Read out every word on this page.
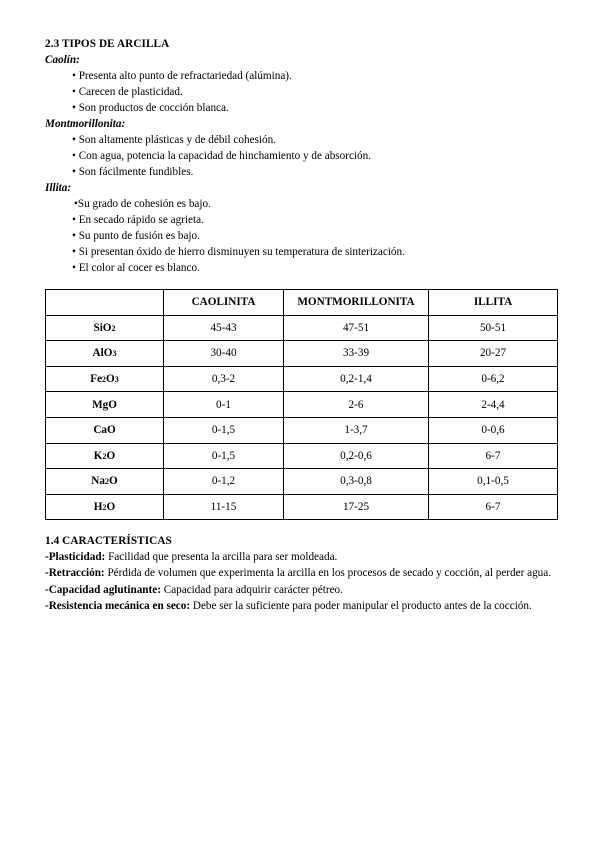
2.3 TIPOS DE ARCILLA
Caolín:
• Presenta alto punto de refractariedad (alúmina).
• Carecen de plasticidad.
• Son productos de cocción blanca.
Montmorillonita:
• Son altamente plásticas y de débil cohesión.
• Con agua, potencia la capacidad de hinchamiento y de absorción.
• Son fácilmente fundibles.
Illita:
•Su grado de cohesión es bajo.
• En secado rápido se agrieta.
• Su punto de fusión es bajo.
• Si presentan óxido de hierro disminuyen su temperatura de sinterización.
• El color al cocer es blanco.
	CAOLINITA	MONTMORILLONITA	ILLITA
SiO2	45-43	47-51	50-51
AlO3	30-40	33-39	20-27
Fe2O3	0,3-2	0,2-1,4	0-6,2
MgO	0-1	2-6	2-4,4
CaO	0-1,5	1-3,7	0-0,6
K2O	0-1,5	0,2-0,6	6-7
Na2O	0-1,2	0,3-0,8	0,1-0,5
H2O	11-15	17-25	6-7
1.4 CARACTERÍSTICAS
-Plasticidad: Facilidad que presenta la arcilla para ser moldeada.
-Retracción: Pérdida de volumen que experimenta la arcilla en los procesos de secado y cocción, al perder agua.
-Capacidad aglutinante: Capacidad para adquirir carácter pétreo.
-Resistencia mecánica en seco: Debe ser la suficiente para poder manipular el producto antes de la cocción.
